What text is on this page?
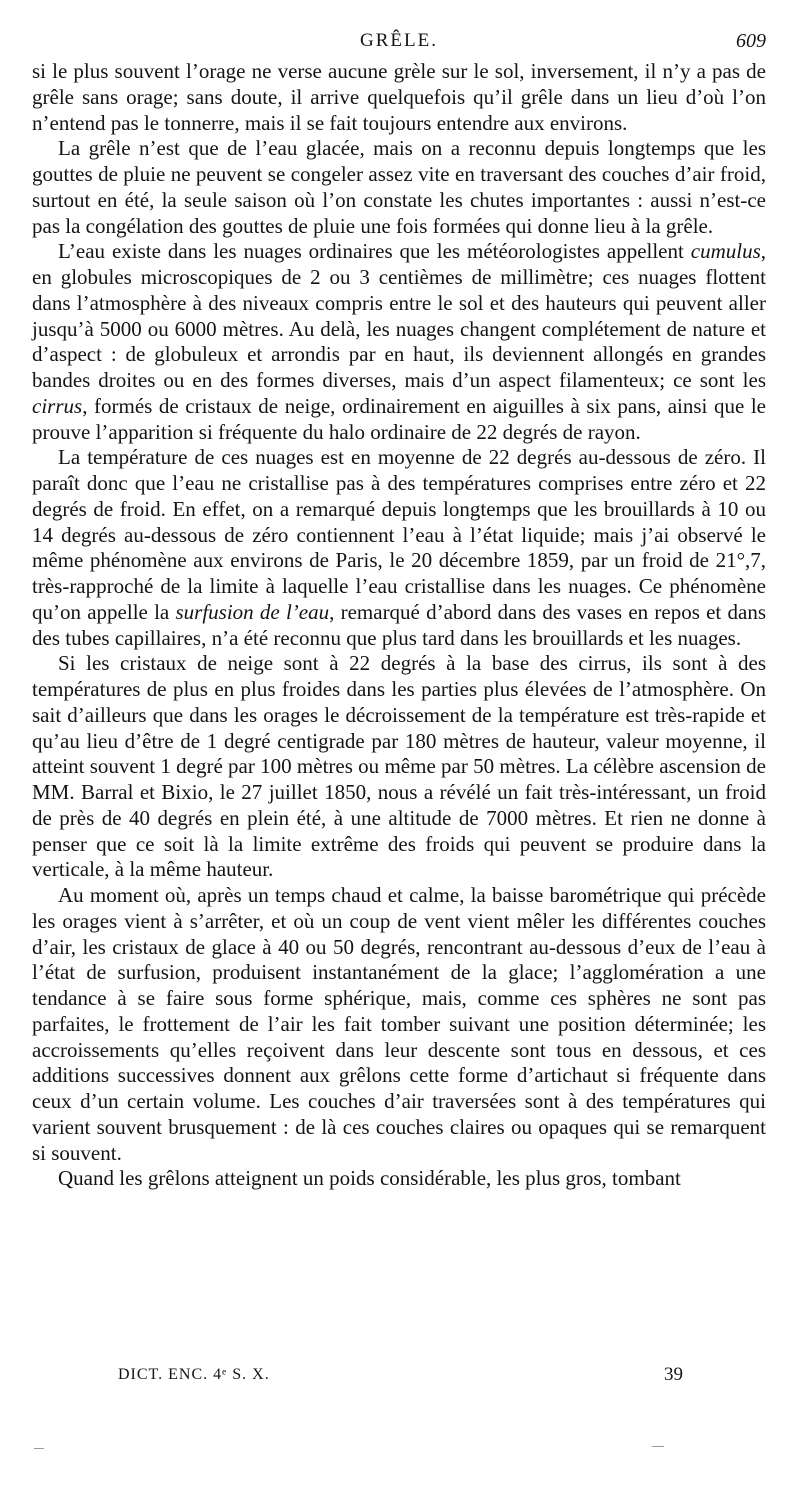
GRÊLE.	609

si le plus souvent l’orage ne verse aucune grèle sur le sol, inversement, il n’y a pas de grêle sans orage; sans doute, il arrive quelquefois qu’il grêle dans un lieu d’où l’on n’entend pas le tonnerre, mais il se fait toujours entendre aux environs.

La grêle n’est que de l’eau glacée, mais on a reconnu depuis longtemps que les gouttes de pluie ne peuvent se congeler assez vite en traversant des couches d’air froid, surtout en été, la seule saison où l’on constate les chutes importantes : aussi n’est-ce pas la congélation des gouttes de pluie une fois formées qui donne lieu à la grêle.

L’eau existe dans les nuages ordinaires que les météorologistes appellent cumulus, en globules microscopiques de 2 ou 3 centièmes de millimètre; ces nuages flottent dans l’atmosphère à des niveaux compris entre le sol et des hauteurs qui peuvent aller jusqu’à 5000 ou 6000 mètres. Au delà, les nuages changent complétement de nature et d’aspect : de globuleux et arrondis par en haut, ils deviennent allongés en grandes bandes droites ou en des formes diverses, mais d’un aspect filamenteux; ce sont les cirrus, formés de cristaux de neige, ordinairement en aiguilles à six pans, ainsi que le prouve l’apparition si fréquente du halo ordinaire de 22 degrés de rayon.

La température de ces nuages est en moyenne de 22 degrés au-dessous de zéro. Il paraît donc que l’eau ne cristallise pas à des températures comprises entre zéro et 22 degrés de froid. En effet, on a remarqué depuis longtemps que les brouillards à 10 ou 14 degrés au-dessous de zéro contiennent l’eau à l’état liquide; mais j’ai observé le même phénomène aux environs de Paris, le 20 décembre 1859, par un froid de 21°,7, très-rapproché de la limite à laquelle l’eau cristallise dans les nuages. Ce phénomène qu’on appelle la surfusion de l’eau, remarqué d’abord dans des vases en repos et dans des tubes capillaires, n’a été reconnu que plus tard dans les brouillards et les nuages.

Si les cristaux de neige sont à 22 degrés à la base des cirrus, ils sont à des températures de plus en plus froides dans les parties plus élevées de l’atmosphère. On sait d’ailleurs que dans les orages le décroissement de la température est très-rapide et qu’au lieu d’être de 1 degré centigrade par 180 mètres de hauteur, valeur moyenne, il atteint souvent 1 degré par 100 mètres ou même par 50 mètres. La célèbre ascension de MM. Barral et Bixio, le 27 juillet 1850, nous a révélé un fait très-intéressant, un froid de près de 40 degrés en plein été, à une altitude de 7000 mètres. Et rien ne donne à penser que ce soit là la limite extrême des froids qui peuvent se produire dans la verticale, à la même hauteur.

Au moment où, après un temps chaud et calme, la baisse barométrique qui précède les orages vient à s’arrêter, et où un coup de vent vient mêler les différentes couches d’air, les cristaux de glace à 40 ou 50 degrés, rencontrant au-dessous d’eux de l’eau à l’état de surfusion, produisent instantanément de la glace; l’agglomération a une tendance à se faire sous forme sphérique, mais, comme ces sphères ne sont pas parfaites, le frottement de l’air les fait tomber suivant une position déterminée; les accroissements qu’elles reçoivent dans leur descente sont tous en dessous, et ces additions successives donnent aux grêlons cette forme d’artichaut si fréquente dans ceux d’un certain volume. Les couches d’air traversées sont à des températures qui varient souvent brusquement : de là ces couches claires ou opaques qui se remarquent si souvent.

Quand les grêlons atteignent un poids considérable, les plus gros, tombant

DICT. ENC. 4ᵉ S. X.	39
